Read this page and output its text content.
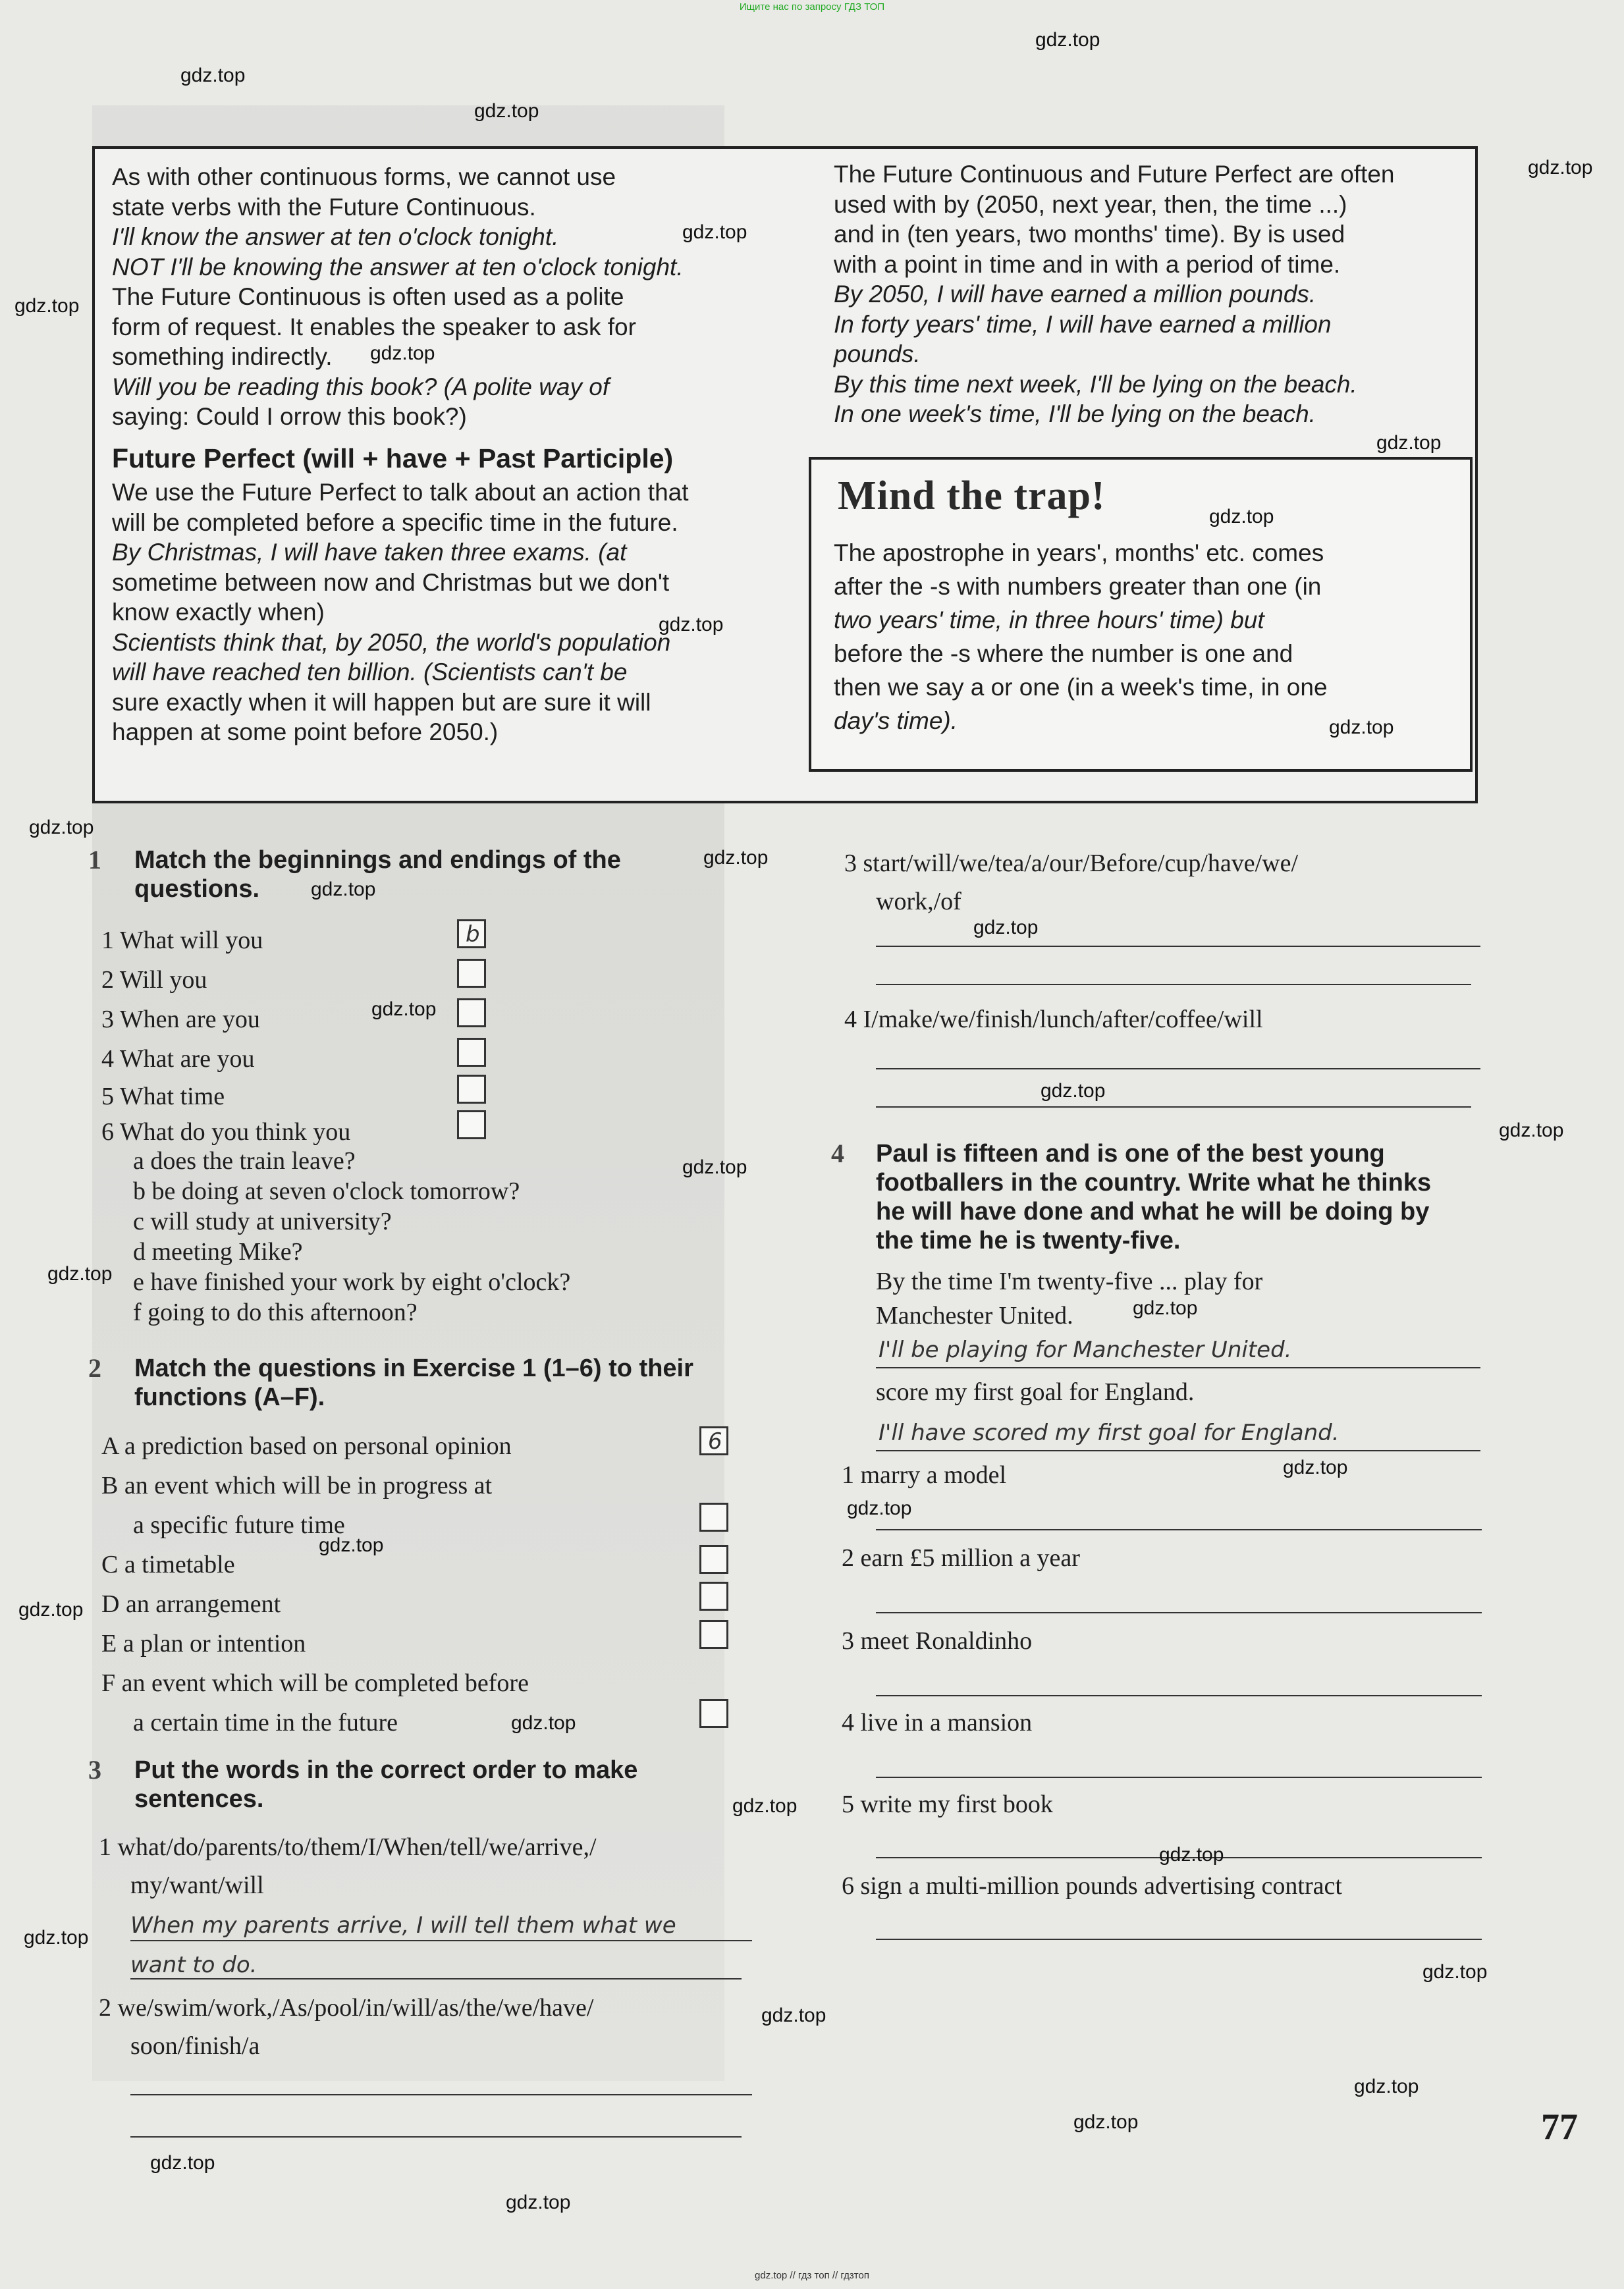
Ищите нас по запросу ГДЗ ТОП

As with other continuous forms, we cannot use

state verbs with the Future Continuous.

I'll know the answer at ten o'clock tonight.

NOT I'll be knowing the answer at ten o'clock tonight.

The Future Continuous is often used as a polite

form of request. It enables the speaker to ask for

something indirectly.

Will you be reading this book? (A polite way of

saying: Could I orrow this book?)

Future Perfect (will + have + Past Participle)

We use the Future Perfect to talk about an action that

will be completed before a specific time in the future.

By Christmas, I will have taken three exams. (at

sometime between now and Christmas but we don't

know exactly when)

Scientists think that, by 2050, the world's population

will have reached ten billion. (Scientists can't be

sure exactly when it will happen but are sure it will

happen at some point before 2050.)

The Future Continuous and Future Perfect are often

used with by (2050, next year, then, the time ...)

and in (ten years, two months' time). By is used

with a point in time and in with a period of time.

By 2050, I will have earned a million pounds.

In forty years' time, I will have earned a million

pounds.

By this time next week, I'll be lying on the beach.

In one week's time, I'll be lying on the beach.

Mind the trap!

The apostrophe in years', months' etc. comes

after the -s with numbers greater than one (in

two years' time, in three hours' time) but

before the -s where the number is one and

then we say a or one (in a week's time, in one

day's time).

1 Match the beginnings and endings of the
questions.
1 What will you
2 Will you
3 When are you
4 What are you
5 What time
6 What do you think you
b
a does the train leave?
b be doing at seven o'clock tomorrow?
c will study at university?
d meeting Mike?
e have finished your work by eight o'clock?
f going to do this afternoon?
2 Match the questions in Exercise 1 (1–6) to their
functions (A–F).
A a prediction based on personal opinion
B an event which will be in progress at
a specific future time
C a timetable
D an arrangement
E a plan or intention
F an event which will be completed before
a certain time in the future
6
3 Put the words in the correct order to make
sentences.
1 what/do/parents/to/them/I/When/tell/we/arrive,/
my/want/will
When my parents arrive, I will tell them what we
want to do.
2 we/swim/work,/As/pool/in/will/as/the/we/have/
soon/finish/a
3 start/will/we/tea/a/our/Before/cup/have/we/
work,/of
4 I/make/we/finish/lunch/after/coffee/will
4 Paul is fifteen and is one of the best young
footballers in the country. Write what he thinks
he will have done and what he will be doing by
the time he is twenty-five.
By the time I'm twenty-five ... play for
Manchester United.
I'll be playing for Manchester United.
score my first goal for England.
I'll have scored my first goal for England.
1 marry a model
2 earn £5 million a year
3 meet Ronaldinho
4 live in a mansion
5 write my first book
6 sign a multi-million pounds advertising contract
77
gdz.top
gdz.top
gdz.top
gdz.top
gdz.top
gdz.top
gdz.top
gdz.top
gdz.top
gdz.top
gdz.top
gdz.top
gdz.top
gdz.top
gdz.top
gdz.top
gdz.top
gdz.top
gdz.top
gdz.top
gdz.top
gdz.top
gdz.top
gdz.top
gdz.top
gdz.top
gdz.top
gdz.top
gdz.top
gdz.top
gdz.top
gdz.top
gdz.top
gdz.top
gdz.top
gdz.top // гдз топ // гдзтоп
